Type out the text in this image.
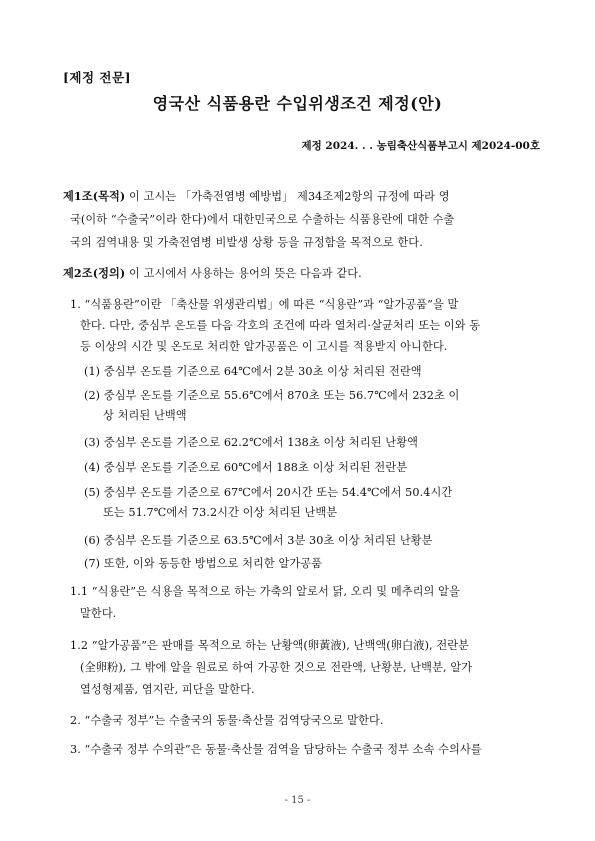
[제정 전문]
영국산 식품용란 수입위생조건 제정(안)
제정 2024. . . 농림축산식품부고시 제2024-00호
제1조(목적) 이 고시는 「가축전염병 예방법」 제34조제2항의 규정에 따라 영
국(이하 “수출국”이라 한다)에서 대한민국으로 수출하는 식품용란에 대한 수출
국의 검역내용 및 가축전염병 비발생 상황 등을 규정함을 목적으로 한다.
제2조(정의) 이 고시에서 사용하는 용어의 뜻은 다음과 같다.
1. “식품용란”이란 「축산물 위생관리법」에 따른 “식용란”과 “알가공품”을 말
한다. 다만, 중심부 온도를 다음 각호의 조건에 따라 열처리·살균처리 또는 이와 동
등 이상의 시간 및 온도로 처리한 알가공품은 이 고시를 적용받지 아니한다.
(1) 중심부 온도를 기준으로 64℃에서 2분 30초 이상 처리된 전란액
(2) 중심부 온도를 기준으로 55.6℃에서 870초 또는 56.7℃에서 232초 이
상 처리된 난백액
(3) 중심부 온도를 기준으로 62.2℃에서 138초 이상 처리된 난황액
(4) 중심부 온도를 기준으로 60℃에서 188초 이상 처리된 전란분
(5) 중심부 온도를 기준으로 67℃에서 20시간 또는 54.4℃에서 50.4시간
또는 51.7℃에서 73.2시간 이상 처리된 난백분
(6) 중심부 온도를 기준으로 63.5℃에서 3분 30초 이상 처리된 난황분
(7) 또한, 이와 동등한 방법으로 처리한 알가공품
1.1 “식용란”은 식용을 목적으로 하는 가축의 알로서 닭, 오리 및 메추리의 알을
말한다.
1.2 “알가공품”은 판매를 목적으로 하는 난황액(卵黃液), 난백액(卵白液), 전란분
(全卵粉), 그 밖에 알을 원료로 하여 가공한 것으로 전란액, 난황분, 난백분, 알가
열성형제품, 염지란, 피단을 말한다.
2. “수출국 정부”는 수출국의 동물·축산물 검역당국으로 말한다.
3. “수출국 정부 수의관”은 동물·축산물 검역을 담당하는 수출국 정부 소속 수의사를
- 15 -
